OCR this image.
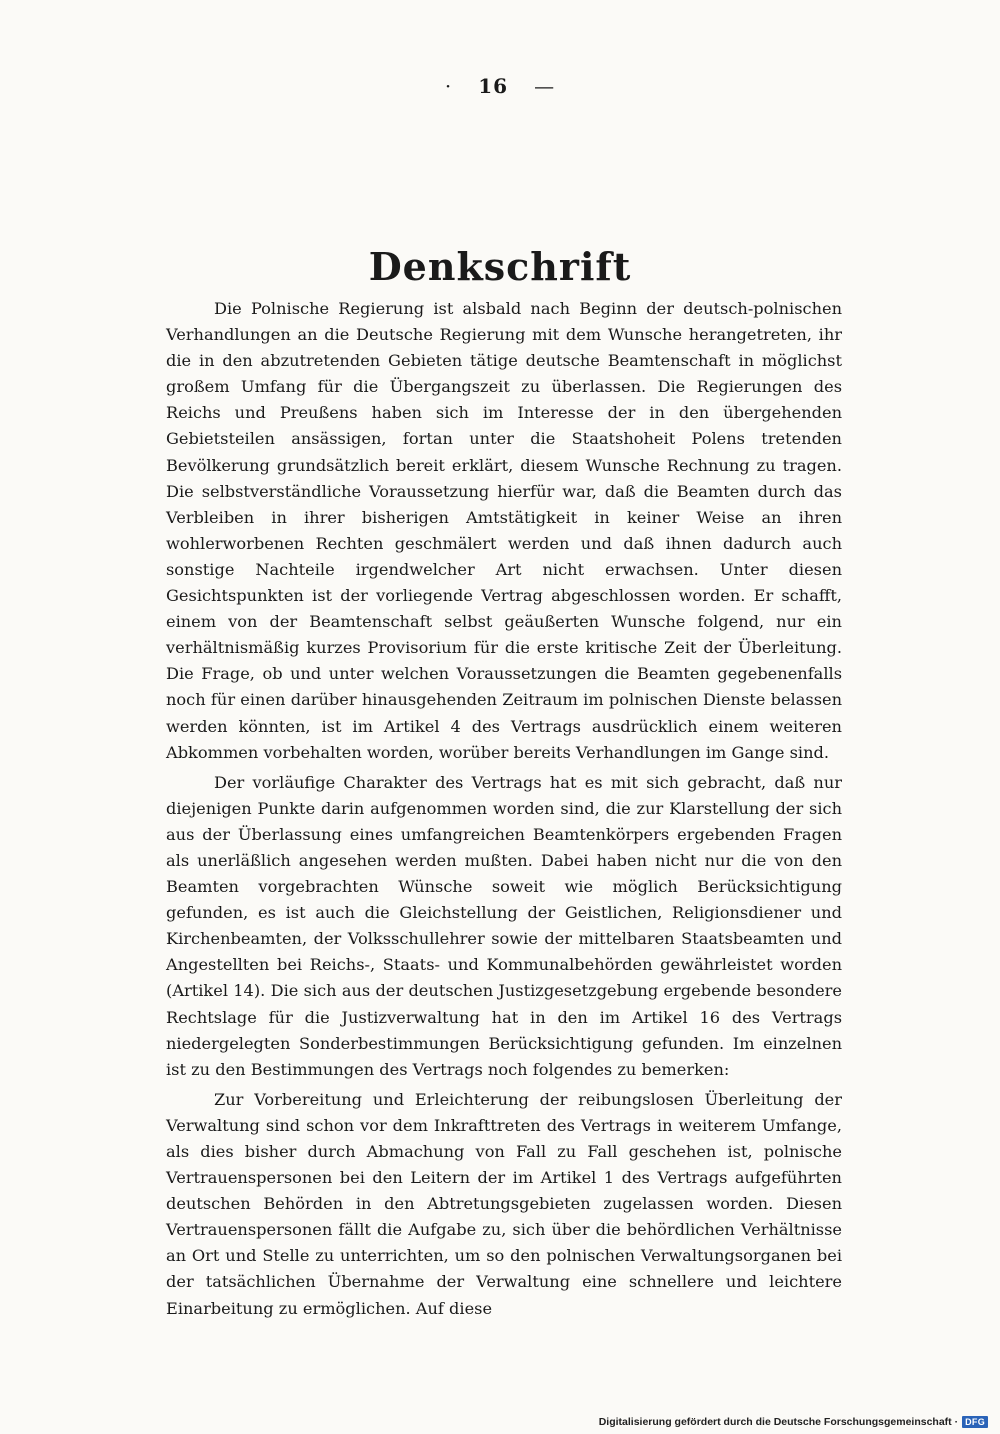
· 16 —
Denkschrift

Die Polnische Regierung ist alsbald nach Beginn der deutsch-polnischen Verhandlungen an die Deutsche Regierung mit dem Wunsche herangetreten, ihr die in den abzutretenden Gebieten tätige deutsche Beamtenschaft in möglichst großem Umfang für die Übergangszeit zu überlassen. Die Regierungen des Reichs und Preußens haben sich im Interesse der in den übergehenden Gebietsteilen ansässigen, fortan unter die Staatshoheit Polens tretenden Bevölkerung grundsätzlich bereit erklärt, diesem Wunsche Rechnung zu tragen. Die selbstverständliche Voraussetzung hierfür war, daß die Beamten durch das Verbleiben in ihrer bisherigen Amtstätigkeit in keiner Weise an ihren wohlerworbenen Rechten geschmälert werden und daß ihnen dadurch auch sonstige Nachteile irgendwelcher Art nicht erwachsen. Unter diesen Gesichtspunkten ist der vorliegende Vertrag abgeschlossen worden. Er schafft, einem von der Beamtenschaft selbst geäußerten Wunsche folgend, nur ein verhältnismäßig kurzes Provisorium für die erste kritische Zeit der Überleitung. Die Frage, ob und unter welchen Voraussetzungen die Beamten gegebenenfalls noch für einen darüber hinausgehenden Zeitraum im polnischen Dienste belassen werden könnten, ist im Artikel 4 des Vertrags ausdrücklich einem weiteren Abkommen vorbehalten worden, worüber bereits Verhandlungen im Gange sind.

Der vorläufige Charakter des Vertrags hat es mit sich gebracht, daß nur diejenigen Punkte darin aufgenommen worden sind, die zur Klarstellung der sich aus der Überlassung eines umfangreichen Beamtenkörpers ergebenden Fragen als unerläßlich angesehen werden mußten. Dabei haben nicht nur die von den Beamten vorgebrachten Wünsche soweit wie möglich Berücksichtigung gefunden, es ist auch die Gleichstellung der Geistlichen, Religionsdiener und Kirchenbeamten, der Volksschullehrer sowie der mittelbaren Staatsbeamten und Angestellten bei Reichs-, Staats- und Kommunalbehörden gewährleistet worden (Artikel 14). Die sich aus der deutschen Justizgesetzgebung ergebende besondere Rechtslage für die Justizverwaltung hat in den im Artikel 16 des Vertrags niedergelegten Sonderbestimmungen Berücksichtigung gefunden. Im einzelnen ist zu den Bestimmungen des Vertrags noch folgendes zu bemerken:

Zur Vorbereitung und Erleichterung der reibungslosen Überleitung der Verwaltung sind schon vor dem Inkrafttreten des Vertrags in weiterem Umfange, als dies bisher durch Abmachung von Fall zu Fall geschehen ist, polnische Vertrauenspersonen bei den Leitern der im Artikel 1 des Vertrags aufgeführten deutschen Behörden in den Abtretungsgebieten zugelassen worden. Diesen Vertrauenspersonen fällt die Aufgabe zu, sich über die behördlichen Verhältnisse an Ort und Stelle zu unterrichten, um so den polnischen Verwaltungsorganen bei der tatsächlichen Übernahme der Verwaltung eine schnellere und leichtere Einarbeitung zu ermöglichen. Auf diese

Digitalisierung gefördert durch die Deutsche Forschungsgemeinschaft · DFG
